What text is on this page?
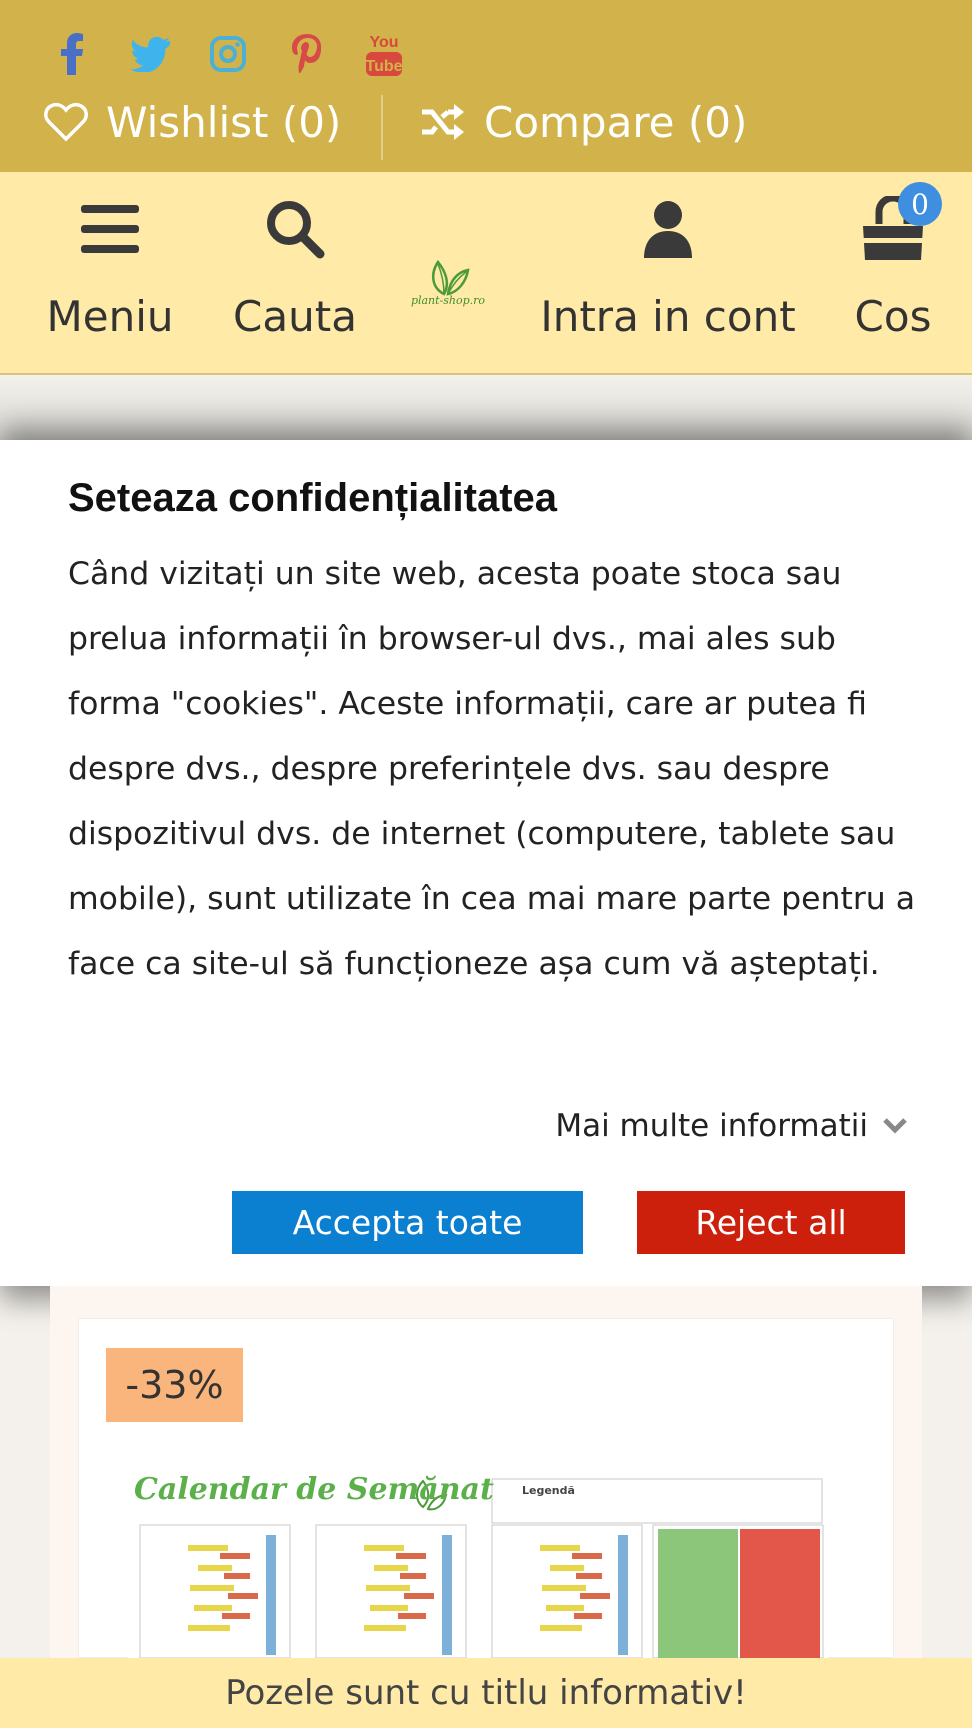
You
Tube
Wishlist (0)	Compare (0)
Meniu	Cauta	plant-shop.ro Intra in cont
0
Cos
Seteaza confidențialitatea

Când vizitați un site web, acesta poate stoca sau prelua informații în browser-ul dvs., mai ales sub forma "cookies". Aceste informații, care ar putea fi despre dvs., despre preferințele dvs. sau despre dispozitivul dvs. de internet (computere, tablete sau mobile), sunt utilizate în cea mai mare parte pentru a face ca site-ul să funcționeze așa cum vă așteptați.

Mai multe informatii
Accepta toate	Reject all
-33%
Calendar de Semănat	Legendă
Pozele sunt cu titlu informativ!
